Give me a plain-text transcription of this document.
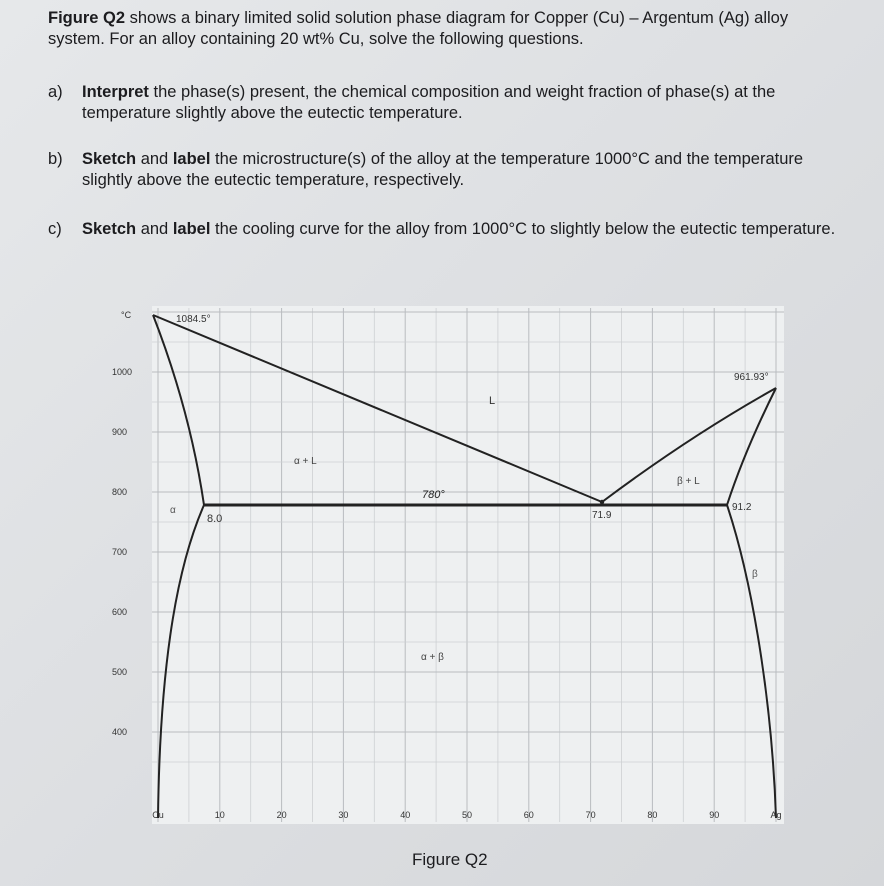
Figure Q2 shows a binary limited solid solution phase diagram for Copper (Cu) – Argentum (Ag) alloy system. For an alloy containing 20 wt% Cu, solve the following questions.
a) Interpret the phase(s) present, the chemical composition and weight fraction of phase(s) at the temperature slightly above the eutectic temperature.
b) Sketch and label the microstructure(s) of the alloy at the temperature 1000°C and the temperature slightly above the eutectic temperature, respectively.
c) Sketch and label the cooling curve for the alloy from 1000°C to slightly below the eutectic temperature.
1000
900
800
700
600
500
400
Cu	10	20	30	40	50	60	70	80	90	Ag
°C	1084.5°
961.93°
780°
71.9
8.0
91.2
L
α + L
β + L
α
β
α + β
Figure Q2
